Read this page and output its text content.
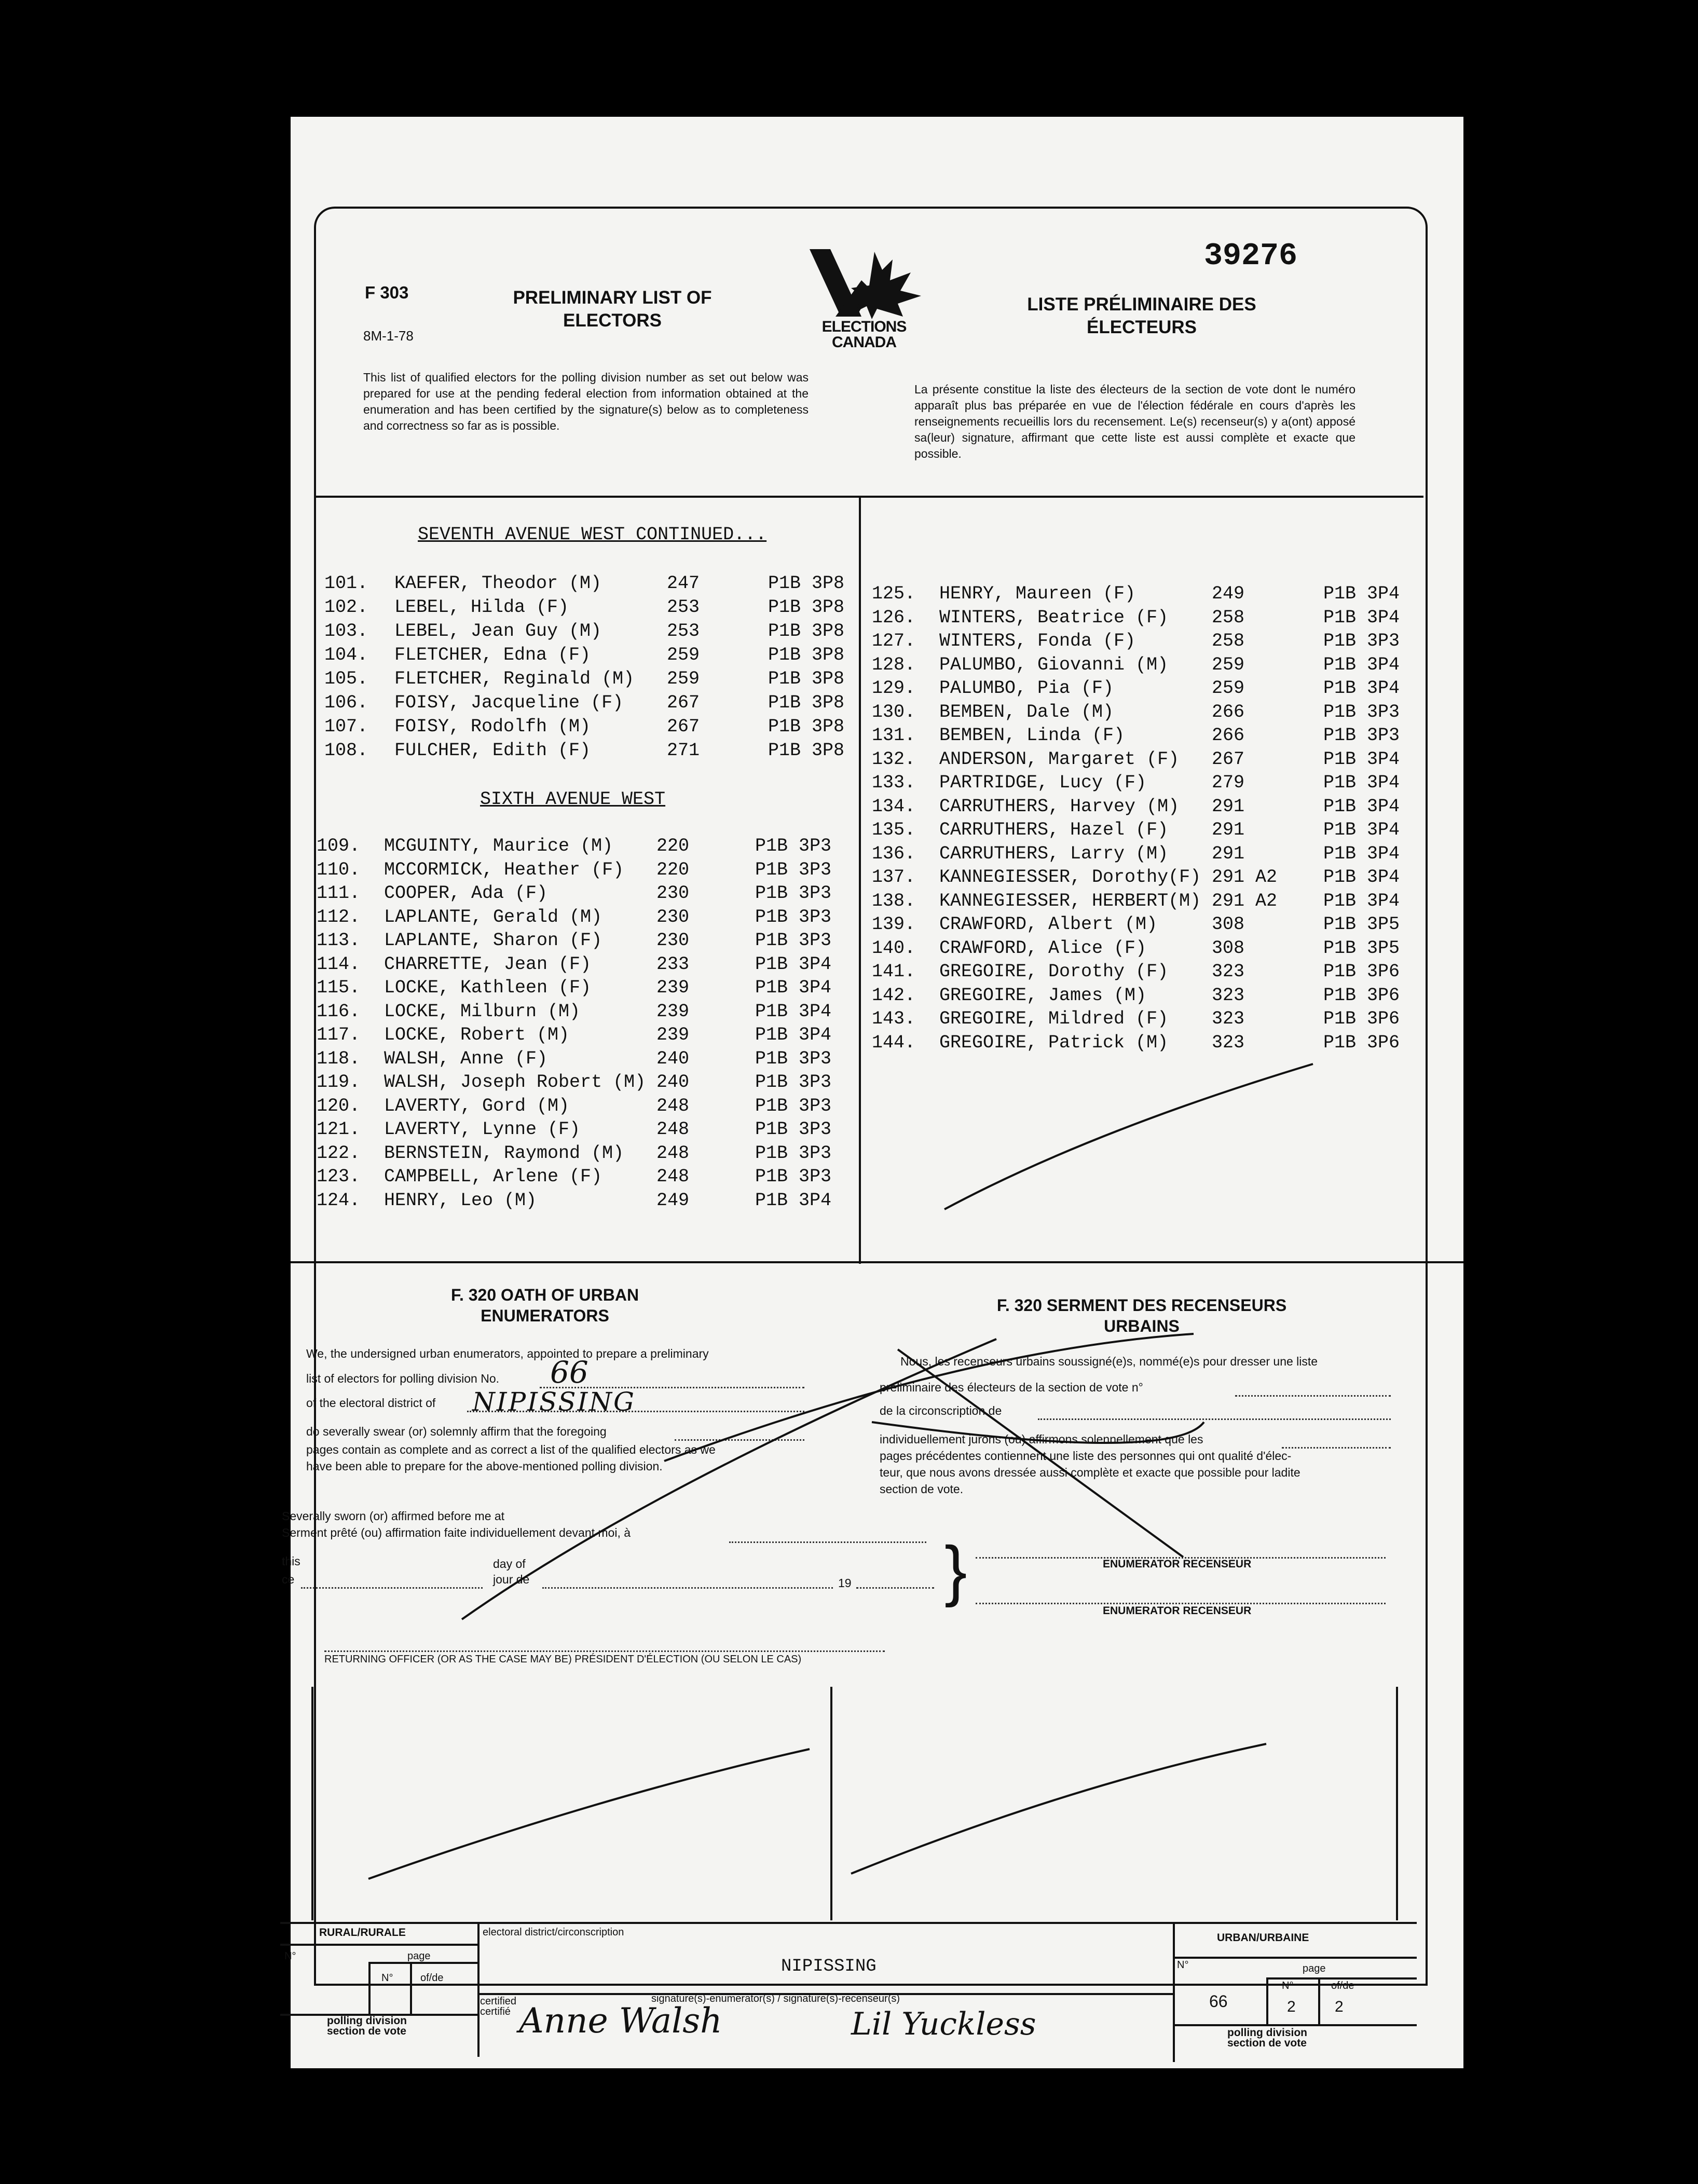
F 303
8M-1-78
PRELIMINARY LIST OF
ELECTORS	ELECTIONS
CANADA
39276
LISTE PRÉLIMINAIRE DES
ÉLECTEURS
This list of qualified electors for the polling division number as set out below was prepared for use at the pending federal election from information obtained at the enumeration and has been certified by the signature(s) below as to completeness and correctness so far as is possible.
La présente constitue la liste des électeurs de la section de vote dont le numéro apparaît plus bas préparée en vue de l'élection fédérale en cours d'après les renseignements recueillis lors du recensement. Le(s) recenseur(s) y a(ont) apposé sa(leur) signature, affirmant que cette liste est aussi complète et exacte que possible.
SEVENTH AVENUE WEST CONTINUED...
101. KAEFER, Theodor (M)	247	P1B 3P8
102. LEBEL, Hilda (F)	253	P1B 3P8
103. LEBEL, Jean Guy (M)	253	P1B 3P8
104. FLETCHER, Edna (F)	259	P1B 3P8
105. FLETCHER, Reginald (M) 259	P1B 3P8
106. FOISY, Jacqueline (F) 267	P1B 3P8
107. FOISY, Rodolfh (M)	267	P1B 3P8
108. FULCHER, Edith (F)	271	P1B 3P8
SIXTH AVENUE WEST
109. MCGUINTY, Maurice (M) 220	P1B 3P3
110. MCCORMICK, Heather (F) 220	P1B 3P3
111. COOPER, Ada (F)	230	P1B 3P3
112. LAPLANTE, Gerald (M)	230	P1B 3P3
113. LAPLANTE, Sharon (F)	230	P1B 3P3
114. CHARRETTE, Jean (F)	233	P1B 3P4
115. LOCKE, Kathleen (F)	239	P1B 3P4
116. LOCKE, Milburn (M)	239	P1B 3P4
117. LOCKE, Robert (M)	239	P1B 3P4
118. WALSH, Anne (F)	240	P1B 3P3
119. WALSH, Joseph Robert (M) 240	P1B 3P3
120. LAVERTY, Gord (M)	248	P1B 3P3
121. LAVERTY, Lynne (F)	248	P1B 3P3
122. BERNSTEIN, Raymond (M) 248	P1B 3P3
123. CAMPBELL, Arlene (F)	248	P1B 3P3
124. HENRY, Leo (M)	249	P1B 3P4
125. HENRY, Maureen (F)	249	P1B 3P4
126. WINTERS, Beatrice (F) 258	P1B 3P4
127. WINTERS, Fonda (F)	258	P1B 3P3
128. PALUMBO, Giovanni (M) 259	P1B 3P4
129. PALUMBO, Pia (F)	259	P1B 3P4
130. BEMBEN, Dale (M)	266	P1B 3P3
131. BEMBEN, Linda (F)	266	P1B 3P3
132. ANDERSON, Margaret (F) 267	P1B 3P4
133. PARTRIDGE, Lucy (F)	279	P1B 3P4
134. CARRUTHERS, Harvey (M) 291	P1B 3P4
135. CARRUTHERS, Hazel (F) 291	P1B 3P4
136. CARRUTHERS, Larry (M) 291	P1B 3P4
137. KANNEGIESSER, Dorothy(F) 291 A2	P1B 3P4
138. KANNEGIESSER, HERBERT(M) 291 A2	P1B 3P4
139. CRAWFORD, Albert (M)	308	P1B 3P5
140. CRAWFORD, Alice (F)	308	P1B 3P5
141. GREGOIRE, Dorothy (F) 323	P1B 3P6
142. GREGOIRE, James (M)	323	P1B 3P6
143. GREGOIRE, Mildred (F) 323	P1B 3P6
144. GREGOIRE, Patrick (M) 323	P1B 3P6
F. 320 OATH OF URBAN
ENUMERATORS
F. 320 SERMENT DES RECENSEURS
URBAINS
We, the undersigned urban enumerators, appointed to prepare a preliminary
list of electors for polling division No.
of the electoral district of
do severally swear (or) solemnly affirm that the foregoing
pages contain as complete and as correct a list of the qualified electors as we
have been able to prepare for the above-mentioned polling division.
66
NIPISSING
Nous, les recenseurs urbains soussigné(e)s, nommé(e)s pour dresser une liste
préliminaire des électeurs de la section de vote n°
de la circonscription de
individuellement jurons (ou) affirmons solennellement que les
pages précédentes contiennent une liste des personnes qui ont qualité d'élec-
teur, que nous avons dressée aussi complète et exacte que possible pour ladite
section de vote.
Severally sworn (or) affirmed before me at
Serment prêté (ou) affirmation faite individuellement devant moi, à
this
ce
day of
jour de	19 }	ENUMERATOR RECENSEUR
ENUMERATOR RECENSEUR
RETURNING OFFICER (OR AS THE CASE MAY BE) PRÉSIDENT D'ÉLECTION (OU SELON LE CAS)
RURAL/RURALE
N°	page
N°	of/de
polling division
section de vote
electoral district/circonscription
NIPISSING
certified
certifié
signature(s)-enumerator(s) / signature(s)-recenseur(s)
Anne Walsh	Lil Yuckless
URBAN/URBAINE
N°	page
66
N°
2
of/de
2
polling division
section de vote
